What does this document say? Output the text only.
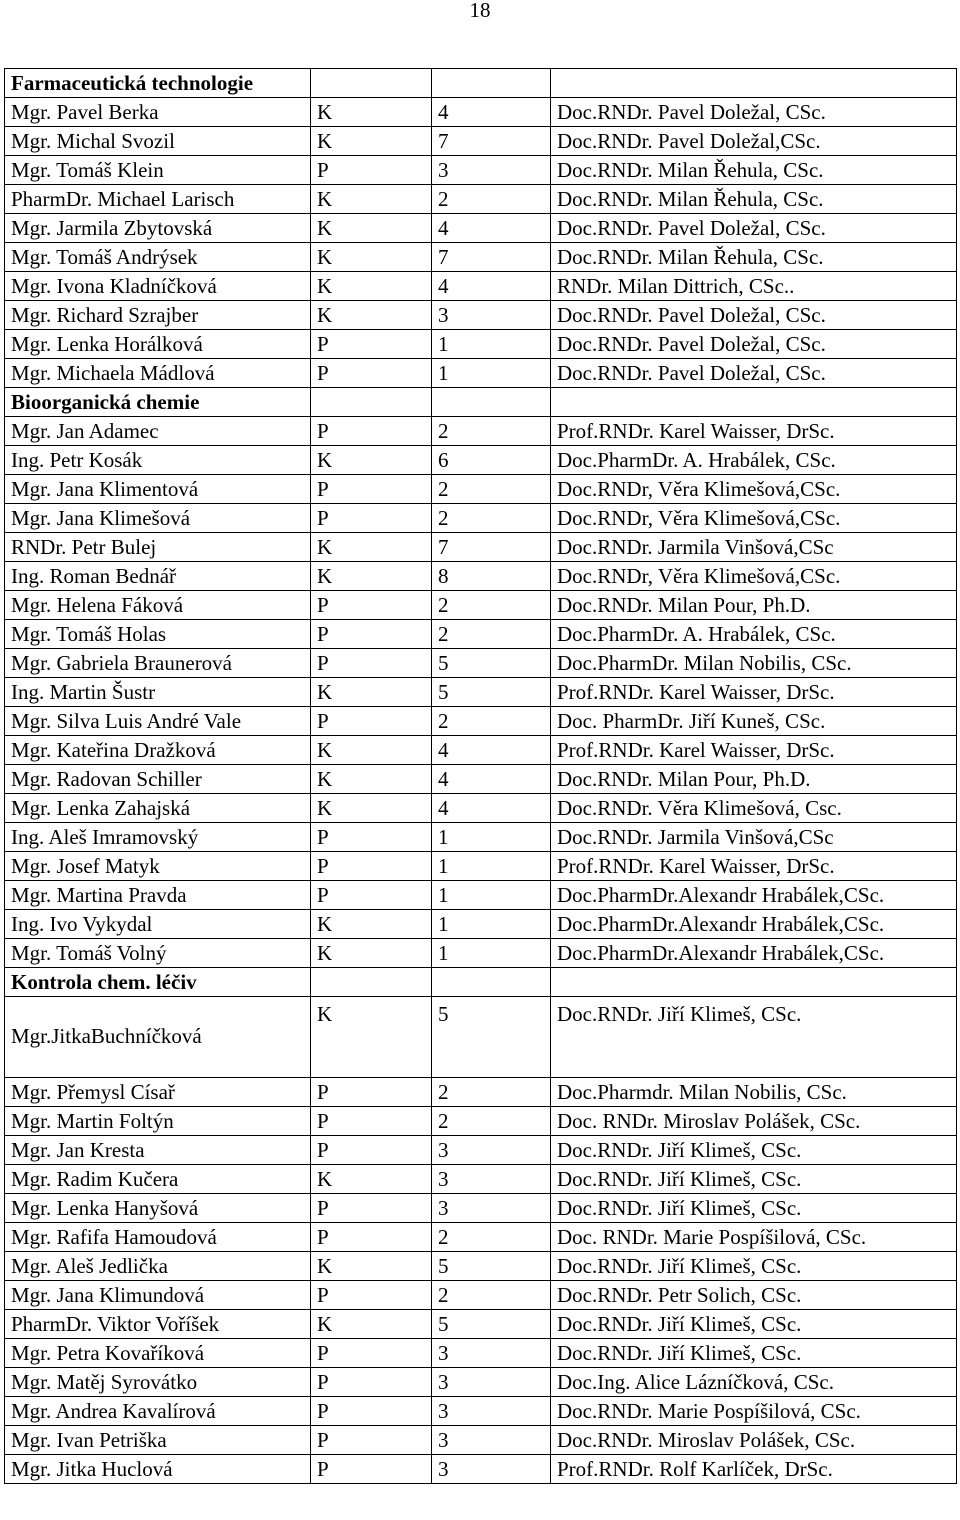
18
Farmaceutická technologie			
Mgr. Pavel Berka	K	4	Doc.RNDr. Pavel Doležal, CSc.
Mgr. Michal Svozil	K	7	Doc.RNDr. Pavel Doležal,CSc.
Mgr. Tomáš Klein	P	3	Doc.RNDr. Milan Řehula, CSc.
PharmDr. Michael Larisch	K	2	Doc.RNDr. Milan Řehula, CSc.
Mgr. Jarmila Zbytovská	K	4	Doc.RNDr. Pavel Doležal, CSc.
Mgr. Tomáš Andrýsek	K	7	Doc.RNDr. Milan Řehula, CSc.
Mgr. Ivona Kladníčková	K	4	RNDr. Milan Dittrich, CSc..
Mgr. Richard Szrajber	K	3	Doc.RNDr. Pavel Doležal, CSc.
Mgr. Lenka Horálková	P	1	Doc.RNDr. Pavel Doležal, CSc.
Mgr. Michaela Mádlová	P	1	Doc.RNDr. Pavel Doležal, CSc.
Bioorganická chemie			
Mgr. Jan Adamec	P	2	Prof.RNDr. Karel Waisser, DrSc.
Ing. Petr Kosák	K	6	Doc.PharmDr. A. Hrabálek, CSc.
Mgr. Jana Klimentová	P	2	Doc.RNDr, Věra Klimešová,CSc.
Mgr. Jana Klimešová	P	2	Doc.RNDr, Věra Klimešová,CSc.
RNDr. Petr Bulej	K	7	Doc.RNDr. Jarmila Vinšová,CSc
Ing. Roman Bednář	K	8	Doc.RNDr, Věra Klimešová,CSc.
Mgr. Helena Fáková	P	2	Doc.RNDr. Milan Pour, Ph.D.
Mgr. Tomáš Holas	P	2	Doc.PharmDr. A. Hrabálek, CSc.
Mgr. Gabriela Braunerová	P	5	Doc.PharmDr. Milan Nobilis, CSc.
Ing. Martin Šustr	K	5	Prof.RNDr. Karel Waisser, DrSc.
Mgr. Silva Luis André Vale	P	2	Doc. PharmDr. Jiří Kuneš, CSc.
Mgr. Kateřina Dražková	K	4	Prof.RNDr. Karel Waisser, DrSc.
Mgr. Radovan Schiller	K	4	Doc.RNDr. Milan Pour, Ph.D.
Mgr. Lenka Zahajská	K	4	Doc.RNDr. Věra Klimešová, Csc.
Ing. Aleš Imramovský	P	1	Doc.RNDr. Jarmila Vinšová,CSc
Mgr. Josef Matyk	P	1	Prof.RNDr. Karel Waisser, DrSc.
Mgr. Martina Pravda	P	1	Doc.PharmDr.Alexandr Hrabálek,CSc.
Ing. Ivo Vykydal	K	1	Doc.PharmDr.Alexandr Hrabálek,CSc.
Mgr. Tomáš Volný	K	1	Doc.PharmDr.Alexandr Hrabálek,CSc.
Kontrola chem. léčiv			
Mgr.JitkaBuchníčková	K	5	Doc.RNDr. Jiří Klimeš, CSc.
Mgr. Přemysl Císař	P	2	Doc.Pharmdr. Milan Nobilis, CSc.
Mgr. Martin Foltýn	P	2	Doc. RNDr. Miroslav Polášek, CSc.
Mgr. Jan Kresta	P	3	Doc.RNDr. Jiří Klimeš, CSc.
Mgr. Radim Kučera	K	3	Doc.RNDr. Jiří Klimeš, CSc.
Mgr. Lenka Hanyšová	P	3	Doc.RNDr. Jiří Klimeš, CSc.
Mgr. Rafifa Hamoudová	P	2	Doc. RNDr. Marie Pospíšilová, CSc.
Mgr. Aleš Jedlička	K	5	Doc.RNDr. Jiří Klimeš, CSc.
Mgr. Jana Klimundová	P	2	Doc.RNDr. Petr Solich, CSc.
PharmDr. Viktor Voříšek	K	5	Doc.RNDr. Jiří Klimeš, CSc.
Mgr. Petra Kovaříková	P	3	Doc.RNDr. Jiří Klimeš, CSc.
Mgr. Matěj Syrovátko	P	3	Doc.Ing. Alice Lázníčková, CSc.
Mgr. Andrea Kavalírová	P	3	Doc.RNDr. Marie Pospíšilová, CSc.
Mgr. Ivan Petriška	P	3	Doc.RNDr. Miroslav Polášek, CSc.
Mgr. Jitka Huclová	P	3	Prof.RNDr. Rolf Karlíček, DrSc.
